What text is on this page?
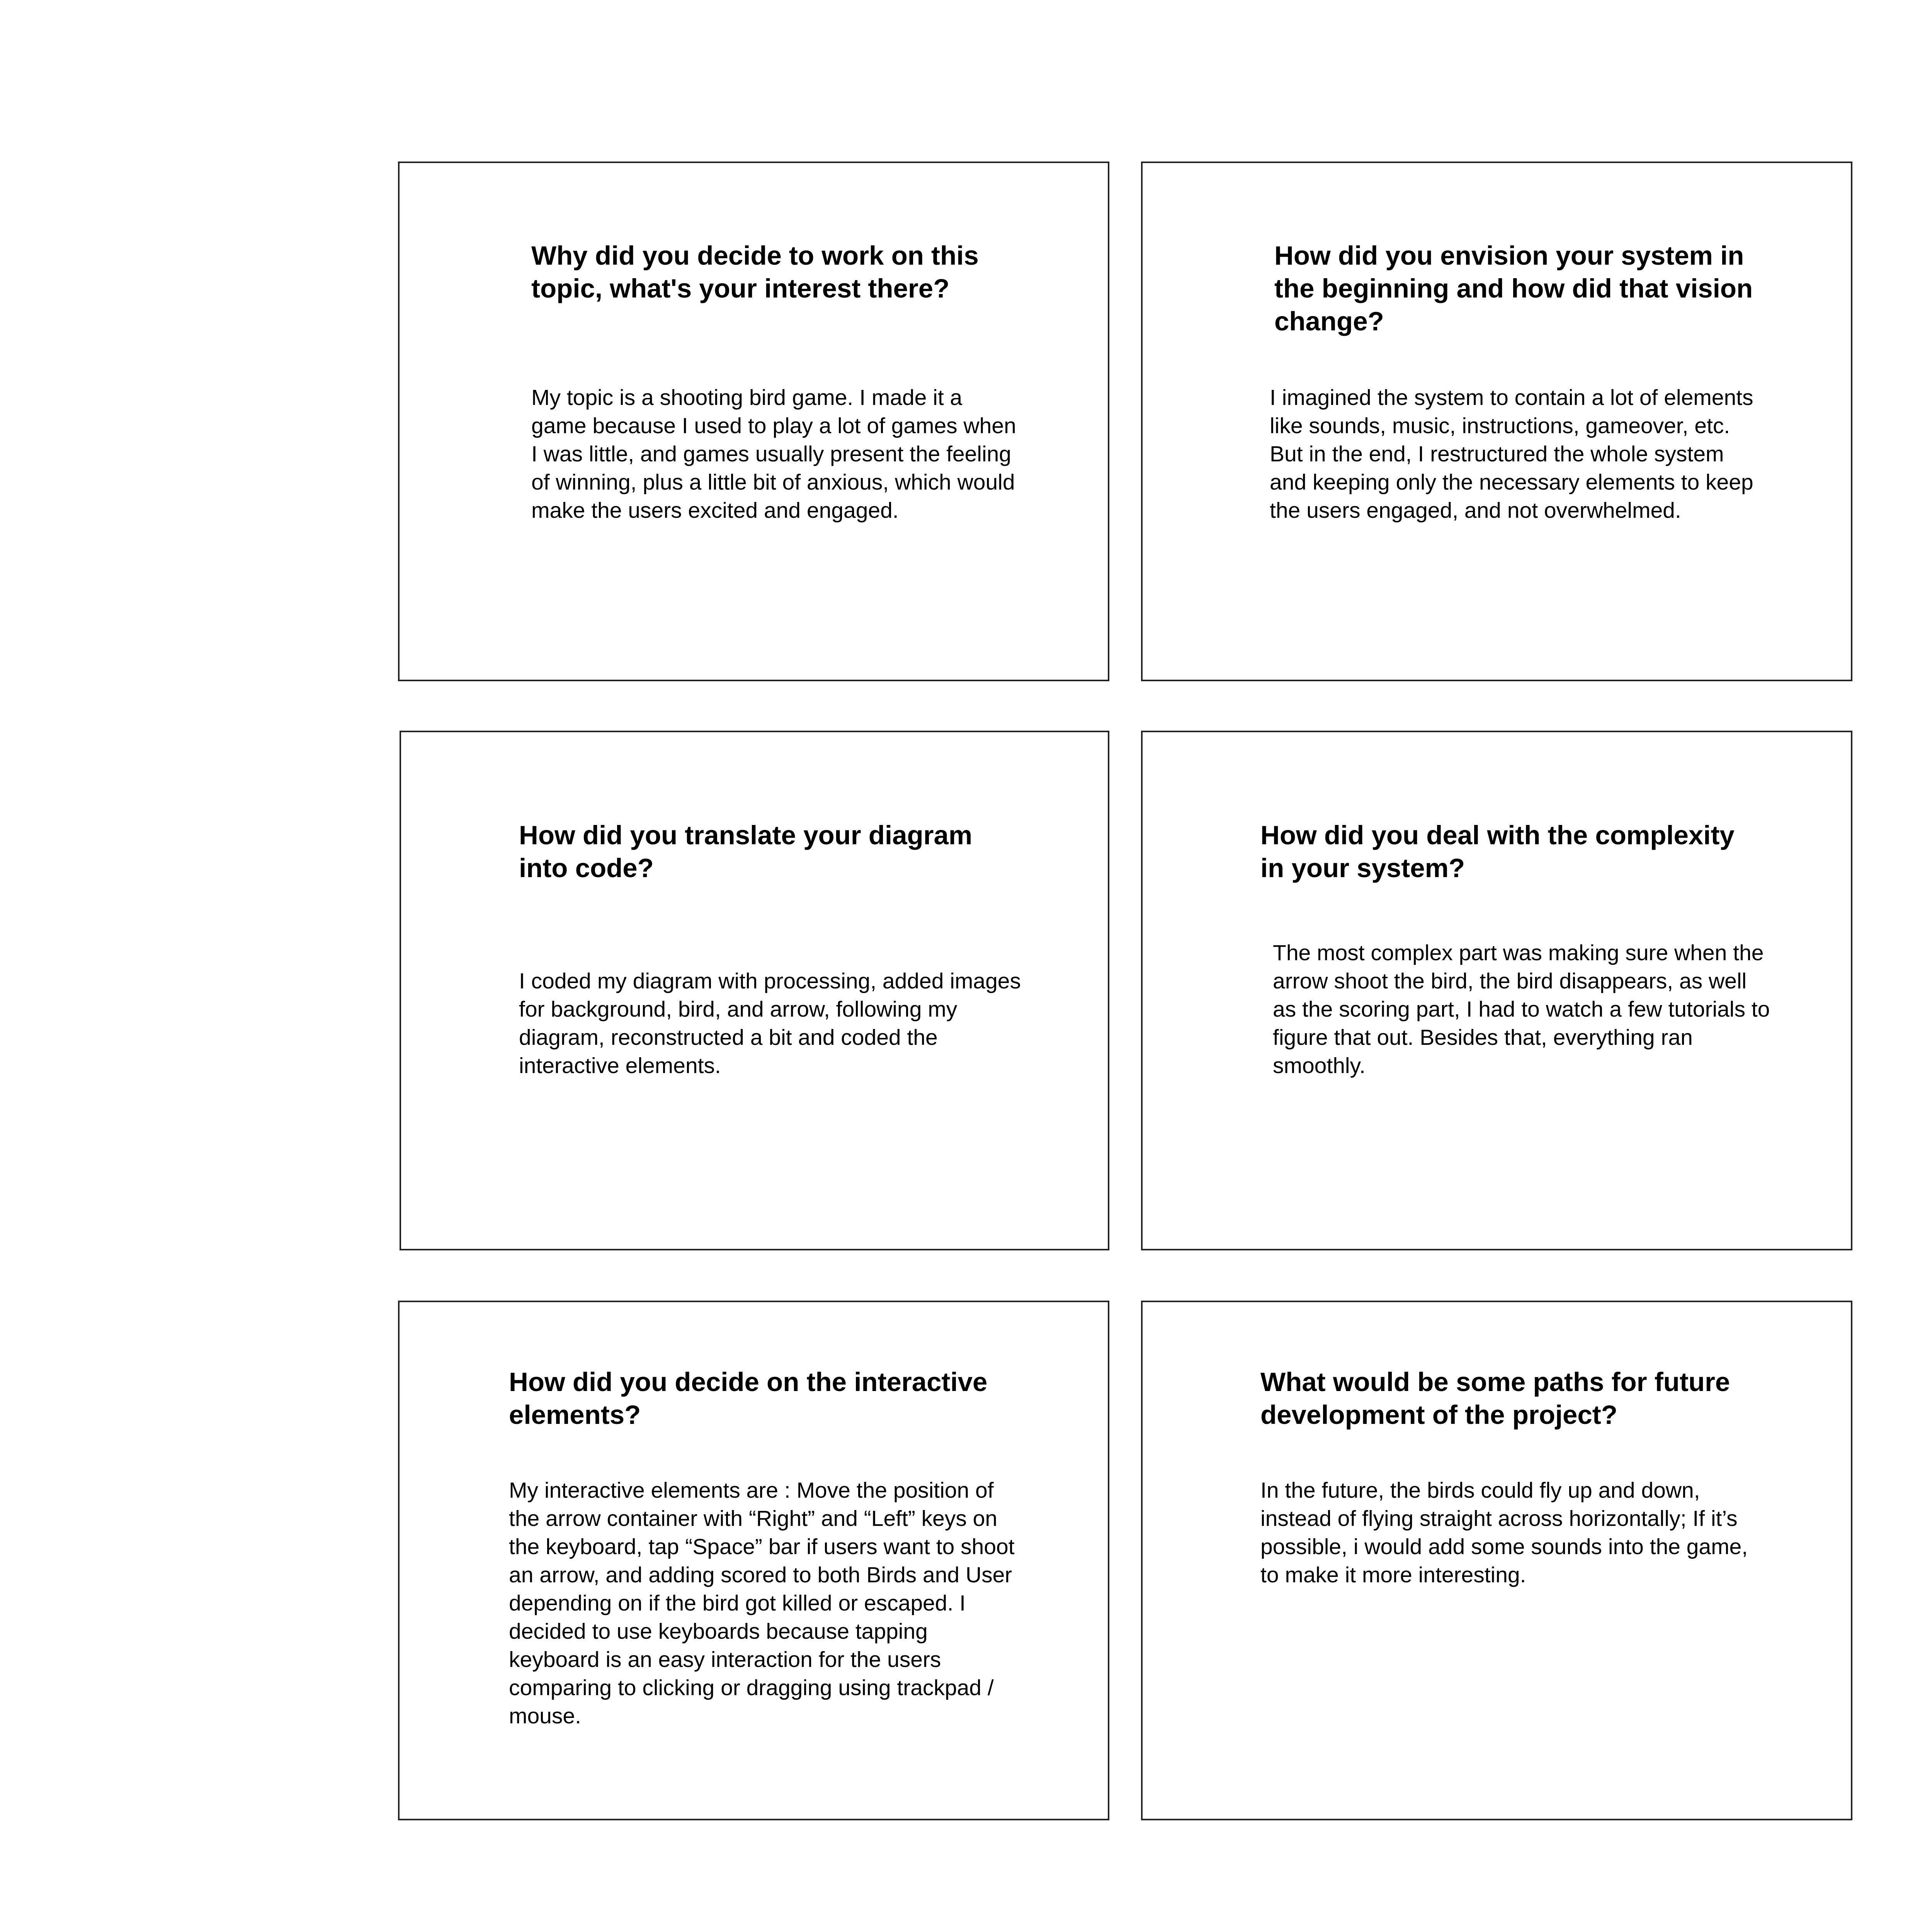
Why did you decide to work on this topic, what's your interest there?

My topic is a shooting bird game. I made it a game because I used to play a lot of games when I was little, and games usually present the feeling of winning, plus a little bit of anxious, which would make the users excited and engaged.

How did you envision your system in the beginning and how did that vision change?

I imagined the system to contain a lot of elements like sounds, music, instructions, gameover, etc. But in the end, I restructured the whole system and keeping only the necessary elements to keep the users engaged, and not overwhelmed.

How did you translate your diagram into code?

I coded my diagram with processing, added images for background, bird, and arrow, following my diagram, reconstructed a bit and coded the interactive elements.

How did you deal with the complexity in your system?

The most complex part was making sure when the arrow shoot the bird, the bird disappears, as well as the scoring part, I had to watch a few tutorials to figure that out. Besides that, everything ran smoothly.

How did you decide on the interactive elements?

My interactive elements are : Move the position of the arrow container with “Right” and “Left” keys on the keyboard, tap “Space” bar if users want to shoot an arrow, and adding scored to both Birds and User depending on if the bird got killed or escaped. I decided to use keyboards because tapping keyboard is an easy interaction for the users comparing to clicking or dragging using trackpad / mouse.

What would be some paths for future development of the project?

In the future, the birds could fly up and down, instead of flying straight across horizontally; If it’s possible, i would add some sounds into the game, to make it more interesting.
